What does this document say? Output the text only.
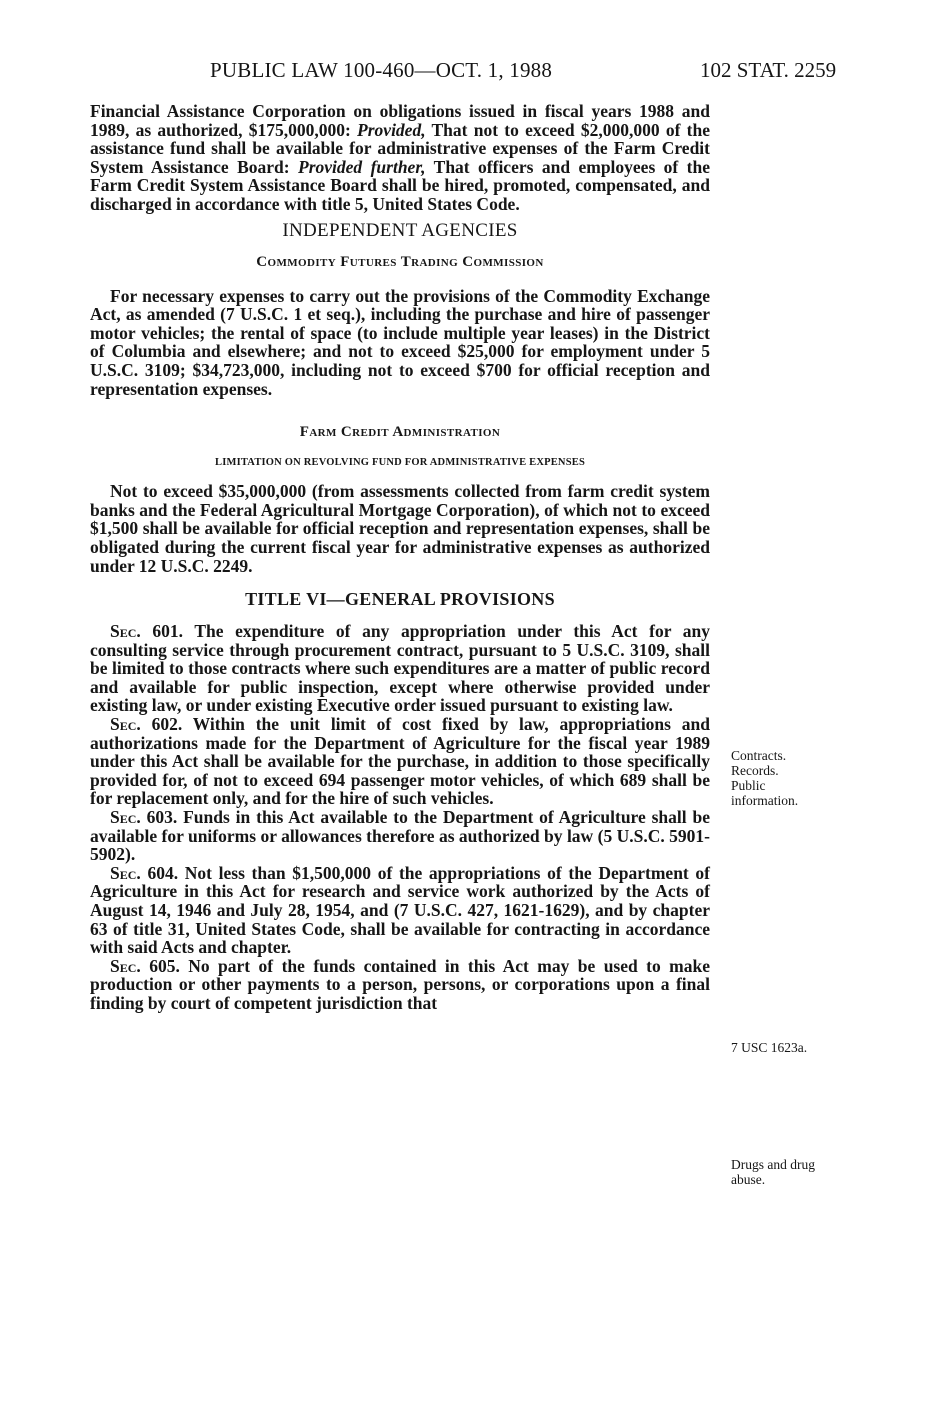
PUBLIC LAW 100-460—OCT. 1, 1988	102 STAT. 2259

Financial Assistance Corporation on obligations issued in fiscal years 1988 and 1989, as authorized, $175,000,000: Provided, That not to exceed $2,000,000 of the assistance fund shall be available for administrative expenses of the Farm Credit System Assistance Board: Provided further, That officers and employees of the Farm Credit System Assistance Board shall be hired, promoted, compensated, and discharged in accordance with title 5, United States Code.

INDEPENDENT AGENCIES
Commodity Futures Trading Commission

For necessary expenses to carry out the provisions of the Commodity Exchange Act, as amended (7 U.S.C. 1 et seq.), including the purchase and hire of passenger motor vehicles; the rental of space (to include multiple year leases) in the District of Columbia and elsewhere; and not to exceed $25,000 for employment under 5 U.S.C. 3109; $34,723,000, including not to exceed $700 for official reception and representation expenses.

Farm Credit Administration
LIMITATION ON REVOLVING FUND FOR ADMINISTRATIVE EXPENSES

Not to exceed $35,000,000 (from assessments collected from farm credit system banks and the Federal Agricultural Mortgage Corporation), of which not to exceed $1,500 shall be available for official reception and representation expenses, shall be obligated during the current fiscal year for administrative expenses as authorized under 12 U.S.C. 2249.

TITLE VI—GENERAL PROVISIONS

Sec. 601. The expenditure of any appropriation under this Act for any consulting service through procurement contract, pursuant to 5 U.S.C. 3109, shall be limited to those contracts where such expenditures are a matter of public record and available for public inspection, except where otherwise provided under existing law, or under existing Executive order issued pursuant to existing law.

Sec. 602. Within the unit limit of cost fixed by law, appropriations and authorizations made for the Department of Agriculture for the fiscal year 1989 under this Act shall be available for the purchase, in addition to those specifically provided for, of not to exceed 694 passenger motor vehicles, of which 689 shall be for replacement only, and for the hire of such vehicles.

Sec. 603. Funds in this Act available to the Department of Agriculture shall be available for uniforms or allowances therefore as authorized by law (5 U.S.C. 5901-5902).

Sec. 604. Not less than $1,500,000 of the appropriations of the Department of Agriculture in this Act for research and service work authorized by the Acts of August 14, 1946 and July 28, 1954, and (7 U.S.C. 427, 1621-1629), and by chapter 63 of title 31, United States Code, shall be available for contracting in accordance with said Acts and chapter.

Sec. 605. No part of the funds contained in this Act may be used to make production or other payments to a person, persons, or corporations upon a final finding by court of competent jurisdiction that

Contracts.
Records.
Public
information.
7 USC 1623a.
Drugs and drug
abuse.
